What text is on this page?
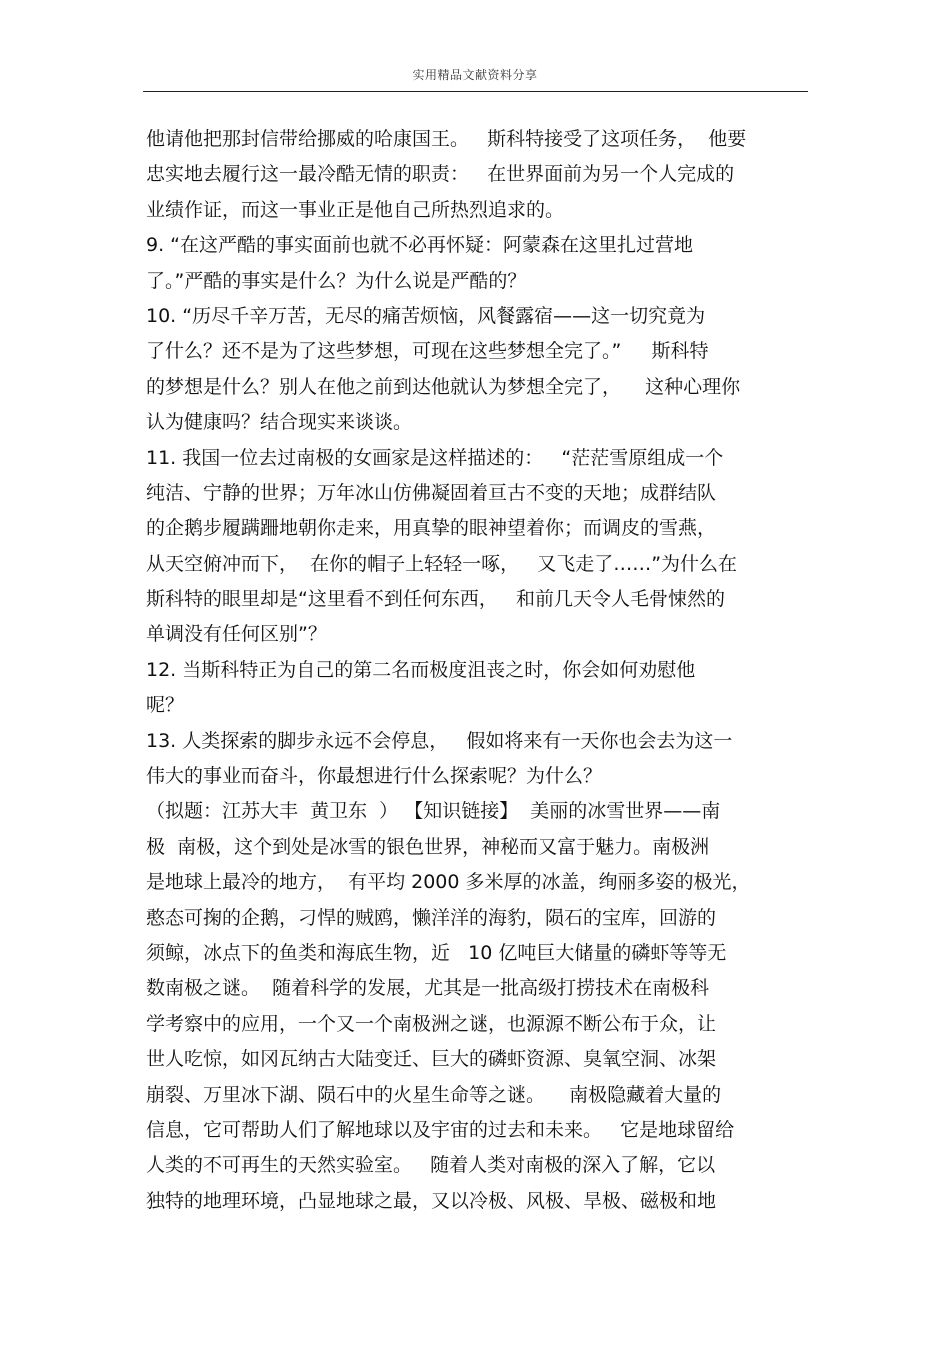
实用精品文献资料分享
他请他把那封信带给挪威的哈康国王。   斯科特接受了这项任务，  他要
忠实地去履行这一最冷酷无情的职责：   在世界面前为另一个人完成的
业绩作证，而这一事业正是他自己所热烈追求的。
9. “在这严酷的事实面前也就不必再怀疑：阿蒙森在这里扎过营地
了。”严酷的事实是什么？为什么说是严酷的？
10. “历尽千辛万苦，无尽的痛苦烦恼，风餐露宿——这一切究竟为
了什么？还不是为了这些梦想，可现在这些梦想全完了。”     斯科特
的梦想是什么？别人在他之前到达他就认为梦想全完了，    这种心理你
认为健康吗？结合现实来谈谈。
11. 我国一位去过南极的女画家是这样描述的：   “茫茫雪原组成一个
纯洁、宁静的世界；万年冰山仿佛凝固着亘古不变的天地；成群结队
的企鹅步履蹒跚地朝你走来，用真挚的眼神望着你；而调皮的雪燕，
从天空俯冲而下，  在你的帽子上轻轻一啄，   又飞走了……”为什么在
斯科特的眼里却是“这里看不到任何东西，   和前几天令人毛骨悚然的
单调没有任何区别”？
12. 当斯科特正为自己的第二名而极度沮丧之时，你会如何劝慰他
呢？
13. 人类探索的脚步永远不会停息，   假如将来有一天你也会去为这一
伟大的事业而奋斗，你最想进行什么探索呢？为什么？
（拟题：江苏大丰  黄卫东  ） 【知识链接】  美丽的冰雪世界——南
极  南极，这个到处是冰雪的银色世界，神秘而又富于魅力。南极洲
是地球上最冷的地方，  有平均 2000 多米厚的冰盖，绚丽多姿的极光，
憨态可掬的企鹅，刁悍的贼鸥，懒洋洋的海豹，陨石的宝库，回游的
须鲸，冰点下的鱼类和海底生物，近   10 亿吨巨大储量的磷虾等等无
数南极之谜。  随着科学的发展，尤其是一批高级打捞技术在南极科
学考察中的应用，一个又一个南极洲之谜，也源源不断公布于众，让
世人吃惊，如冈瓦纳古大陆变迁、巨大的磷虾资源、臭氧空洞、冰架
崩裂、万里冰下湖、陨石中的火星生命等之谜。    南极隐藏着大量的
信息，它可帮助人们了解地球以及宇宙的过去和未来。   它是地球留给
人类的不可再生的天然实验室。   随着人类对南极的深入了解，它以
独特的地理环境，凸显地球之最，又以冷极、风极、旱极、磁极和地
